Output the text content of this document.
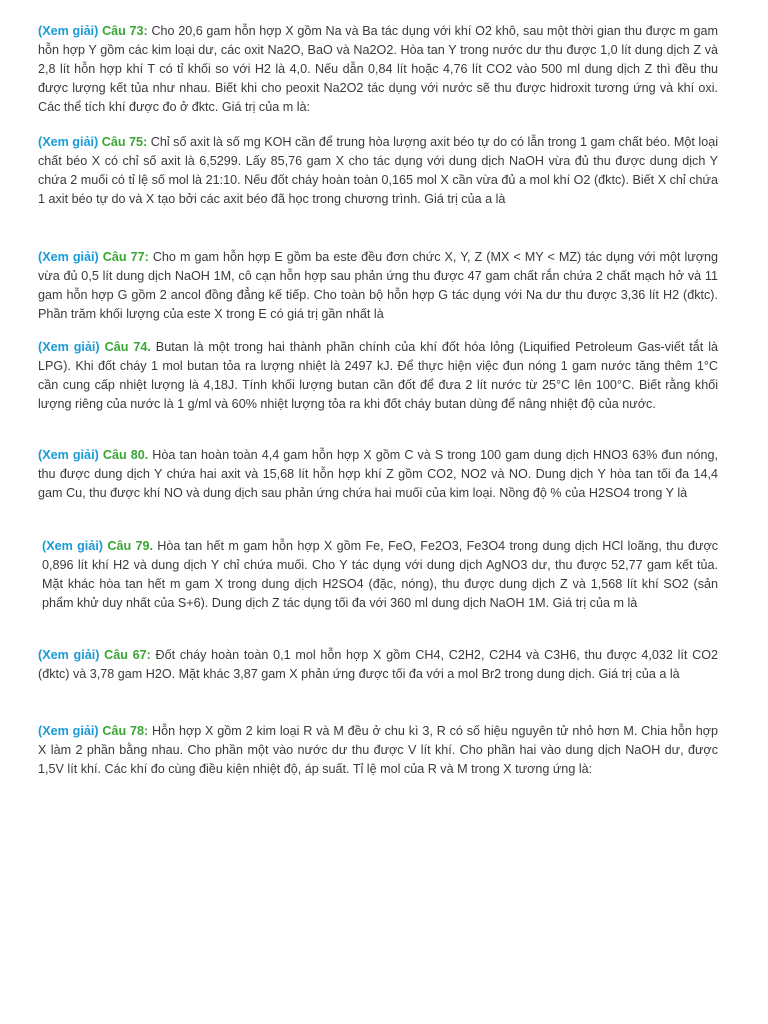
(Xem giải) Câu 73: Cho 20,6 gam hỗn hợp X gồm Na và Ba tác dụng với khí O2 khô, sau một thời gian thu được m gam hỗn hợp Y gồm các kim loại dư, các oxit Na2O, BaO và Na2O2. Hòa tan Y trong nước dư thu được 1,0 lít dung dịch Z và 2,8 lít hỗn hợp khí T có tỉ khối so với H2 là 4,0. Nếu dẫn 0,84 lít hoặc 4,76 lít CO2 vào 500 ml dung dịch Z thì đều thu được lượng kết tủa như nhau. Biết khi cho peoxit Na2O2 tác dụng với nước sẽ thu được hidroxit tương ứng và khí oxi. Các thể tích khí được đo ở đktc. Giá trị của m là:

(Xem giải) Câu 75: Chỉ số axit là số mg KOH cần để trung hòa lượng axit béo tự do có lẫn trong 1 gam chất béo. Một loại chất béo X có chỉ số axit là 6,5299. Lấy 85,76 gam X cho tác dụng với dung dịch NaOH vừa đủ thu được dung dịch Y chứa 2 muối có tỉ lệ số mol là 21:10. Nếu đốt cháy hoàn toàn 0,165 mol X cần vừa đủ a mol khí O2 (đktc). Biết X chỉ chứa 1 axit béo tự do và X tạo bởi các axit béo đã học trong chương trình. Giá trị của a là

(Xem giải) Câu 77: Cho m gam hỗn hợp E gồm ba este đều đơn chức X, Y, Z (MX < MY < MZ) tác dụng với một lượng vừa đủ 0,5 lít dung dịch NaOH 1M, cô cạn hỗn hợp sau phản ứng thu được 47 gam chất rắn chứa 2 chất mạch hở và 11 gam hỗn hợp G gồm 2 ancol đồng đẳng kế tiếp. Cho toàn bộ hỗn hợp G tác dụng với Na dư thu được 3,36 lít H2 (đktc). Phần trăm khối lượng của este X trong E có giá trị gần nhất là

(Xem giải) Câu 74. Butan là một trong hai thành phần chính của khí đốt hóa lỏng (Liquified Petroleum Gas-viết tắt là LPG). Khi đốt cháy 1 mol butan tỏa ra lượng nhiệt là 2497 kJ. Để thực hiện việc đun nóng 1 gam nước tăng thêm 1°C cần cung cấp nhiệt lượng là 4,18J. Tính khối lượng butan cần đốt để đưa 2 lít nước từ 25°C lên 100°C. Biết rằng khối lượng riêng của nước là 1 g/ml và 60% nhiệt lượng tỏa ra khi đốt cháy butan dùng để nâng nhiệt độ của nước.

(Xem giải) Câu 80. Hòa tan hoàn toàn 4,4 gam hỗn hợp X gồm C và S trong 100 gam dung dịch HNO3 63% đun nóng, thu được dung dịch Y chứa hai axit và 15,68 lít hỗn hợp khí Z gồm CO2, NO2 và NO. Dung dịch Y hòa tan tối đa 14,4 gam Cu, thu được khí NO và dung dịch sau phản ứng chứa hai muối của kim loại. Nồng độ % của H2SO4 trong Y là

(Xem giải) Câu 79. Hòa tan hết m gam hỗn hợp X gồm Fe, FeO, Fe2O3, Fe3O4 trong dung dịch HCl loãng, thu được 0,896 lít khí H2 và dung dịch Y chỉ chứa muối. Cho Y tác dụng với dung dịch AgNO3 dư, thu được 52,77 gam kết tủa. Mặt khác hòa tan hết m gam X trong dung dịch H2SO4 (đặc, nóng), thu được dung dịch Z và 1,568 lít khí SO2 (sản phẩm khử duy nhất của S+6). Dung dịch Z tác dụng tối đa với 360 ml dung dịch NaOH 1M. Giá trị của m là

(Xem giải) Câu 67: Đốt cháy hoàn toàn 0,1 mol hỗn hợp X gồm CH4, C2H2, C2H4 và C3H6, thu được 4,032 lít CO2 (đktc) và 3,78 gam H2O. Mặt khác 3,87 gam X phản ứng được tối đa với a mol Br2 trong dung dịch. Giá trị của a là

(Xem giải) Câu 78: Hỗn hợp X gồm 2 kim loại R và M đều ở chu kì 3, R có số hiệu nguyên tử nhỏ hơn M. Chia hỗn hợp X làm 2 phần bằng nhau. Cho phần một vào nước dư thu được V lít khí. Cho phần hai vào dung dịch NaOH dư, được 1,5V lít khí. Các khí đo cùng điều kiện nhiệt độ, áp suất. Tỉ lệ mol của R và M trong X tương ứng là:
